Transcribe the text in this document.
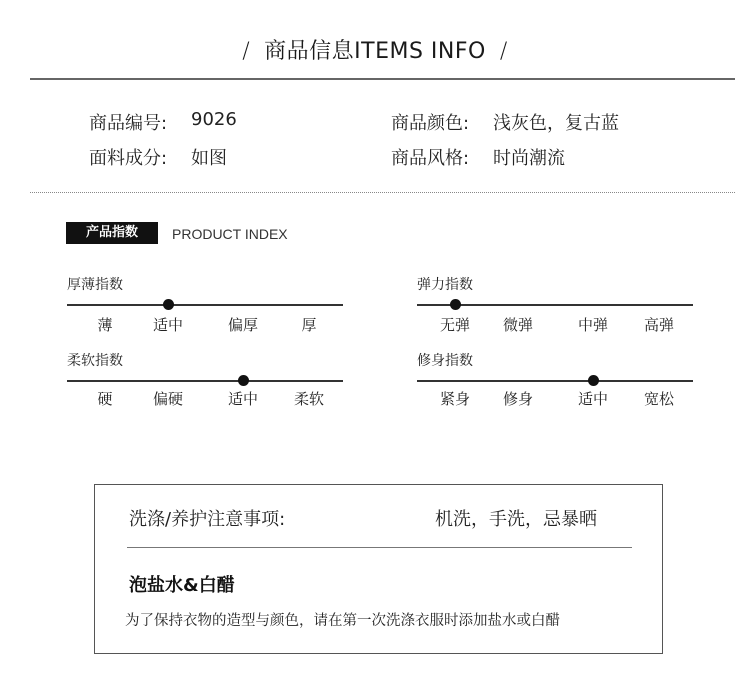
/ 商品信息ITEMS INFO /
商品编号: 9026	商品颜色: 浅灰色，复古蓝
面料成分: 如图	商品风格: 时尚潮流
产品指数	PRODUCT INDEX
厚薄指数
薄	适中	偏厚	厚
弹力指数
无弹 微弹	中弹 高弹
柔软指数
硬	偏硬	适中 柔软
修身指数
紧身 修身	适中 宽松
洗涤/养护注意事项:	机洗，手洗，忌暴晒
泡盐水&白醋
为了保持衣物的造型与颜色，请在第一次洗涤衣服时添加盐水或白醋
